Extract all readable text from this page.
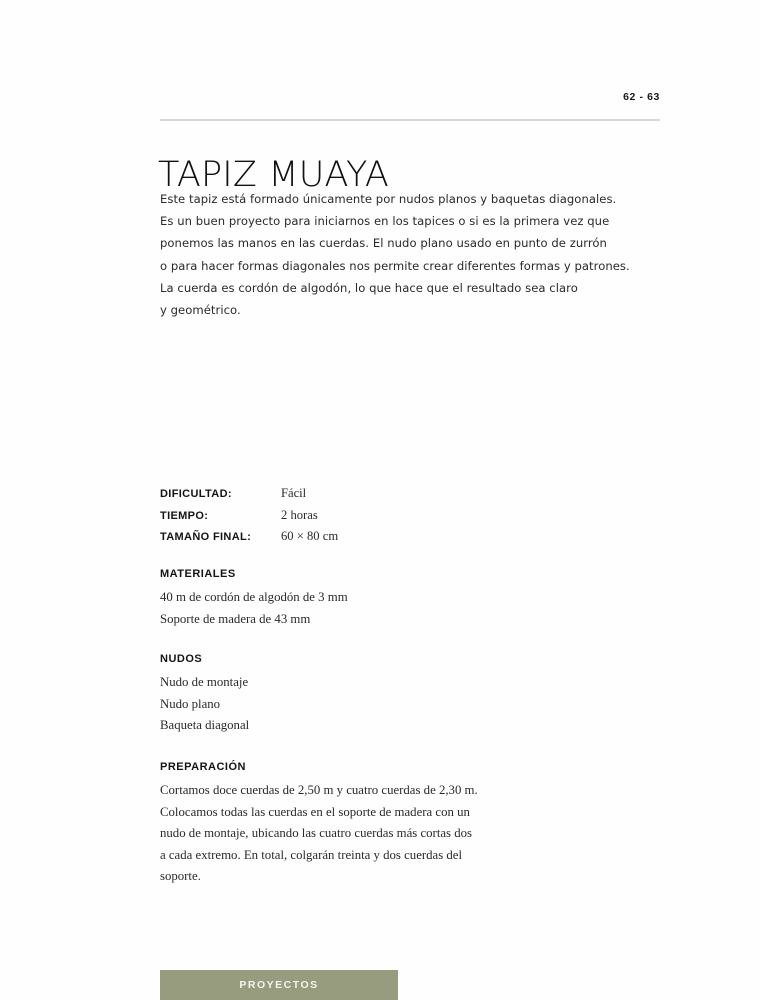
62 - 63
TAPIZ MUAYA
Este tapiz está formado únicamente por nudos planos y baquetas diagonales.
Es un buen proyecto para iniciarnos en los tapices o si es la primera vez que
ponemos las manos en las cuerdas. El nudo plano usado en punto de zurrón
o para hacer formas diagonales nos permite crear diferentes formas y patrones.
La cuerda es cordón de algodón, lo que hace que el resultado sea claro
y geométrico.
DIFICULTAD:	Fácil
TIEMPO:	2 horas
TAMAÑO FINAL:	60 × 80 cm
MATERIALES
40 m de cordón de algodón de 3 mm
Soporte de madera de 43 mm
NUDOS
Nudo de montaje
Nudo plano
Baqueta diagonal
PREPARACIÓN
Cortamos doce cuerdas de 2,50 m y cuatro cuerdas de 2,30 m.
Colocamos todas las cuerdas en el soporte de madera con un
nudo de montaje, ubicando las cuatro cuerdas más cortas dos
a cada extremo. En total, colgarán treinta y dos cuerdas del
soporte.
PROYECTOS
